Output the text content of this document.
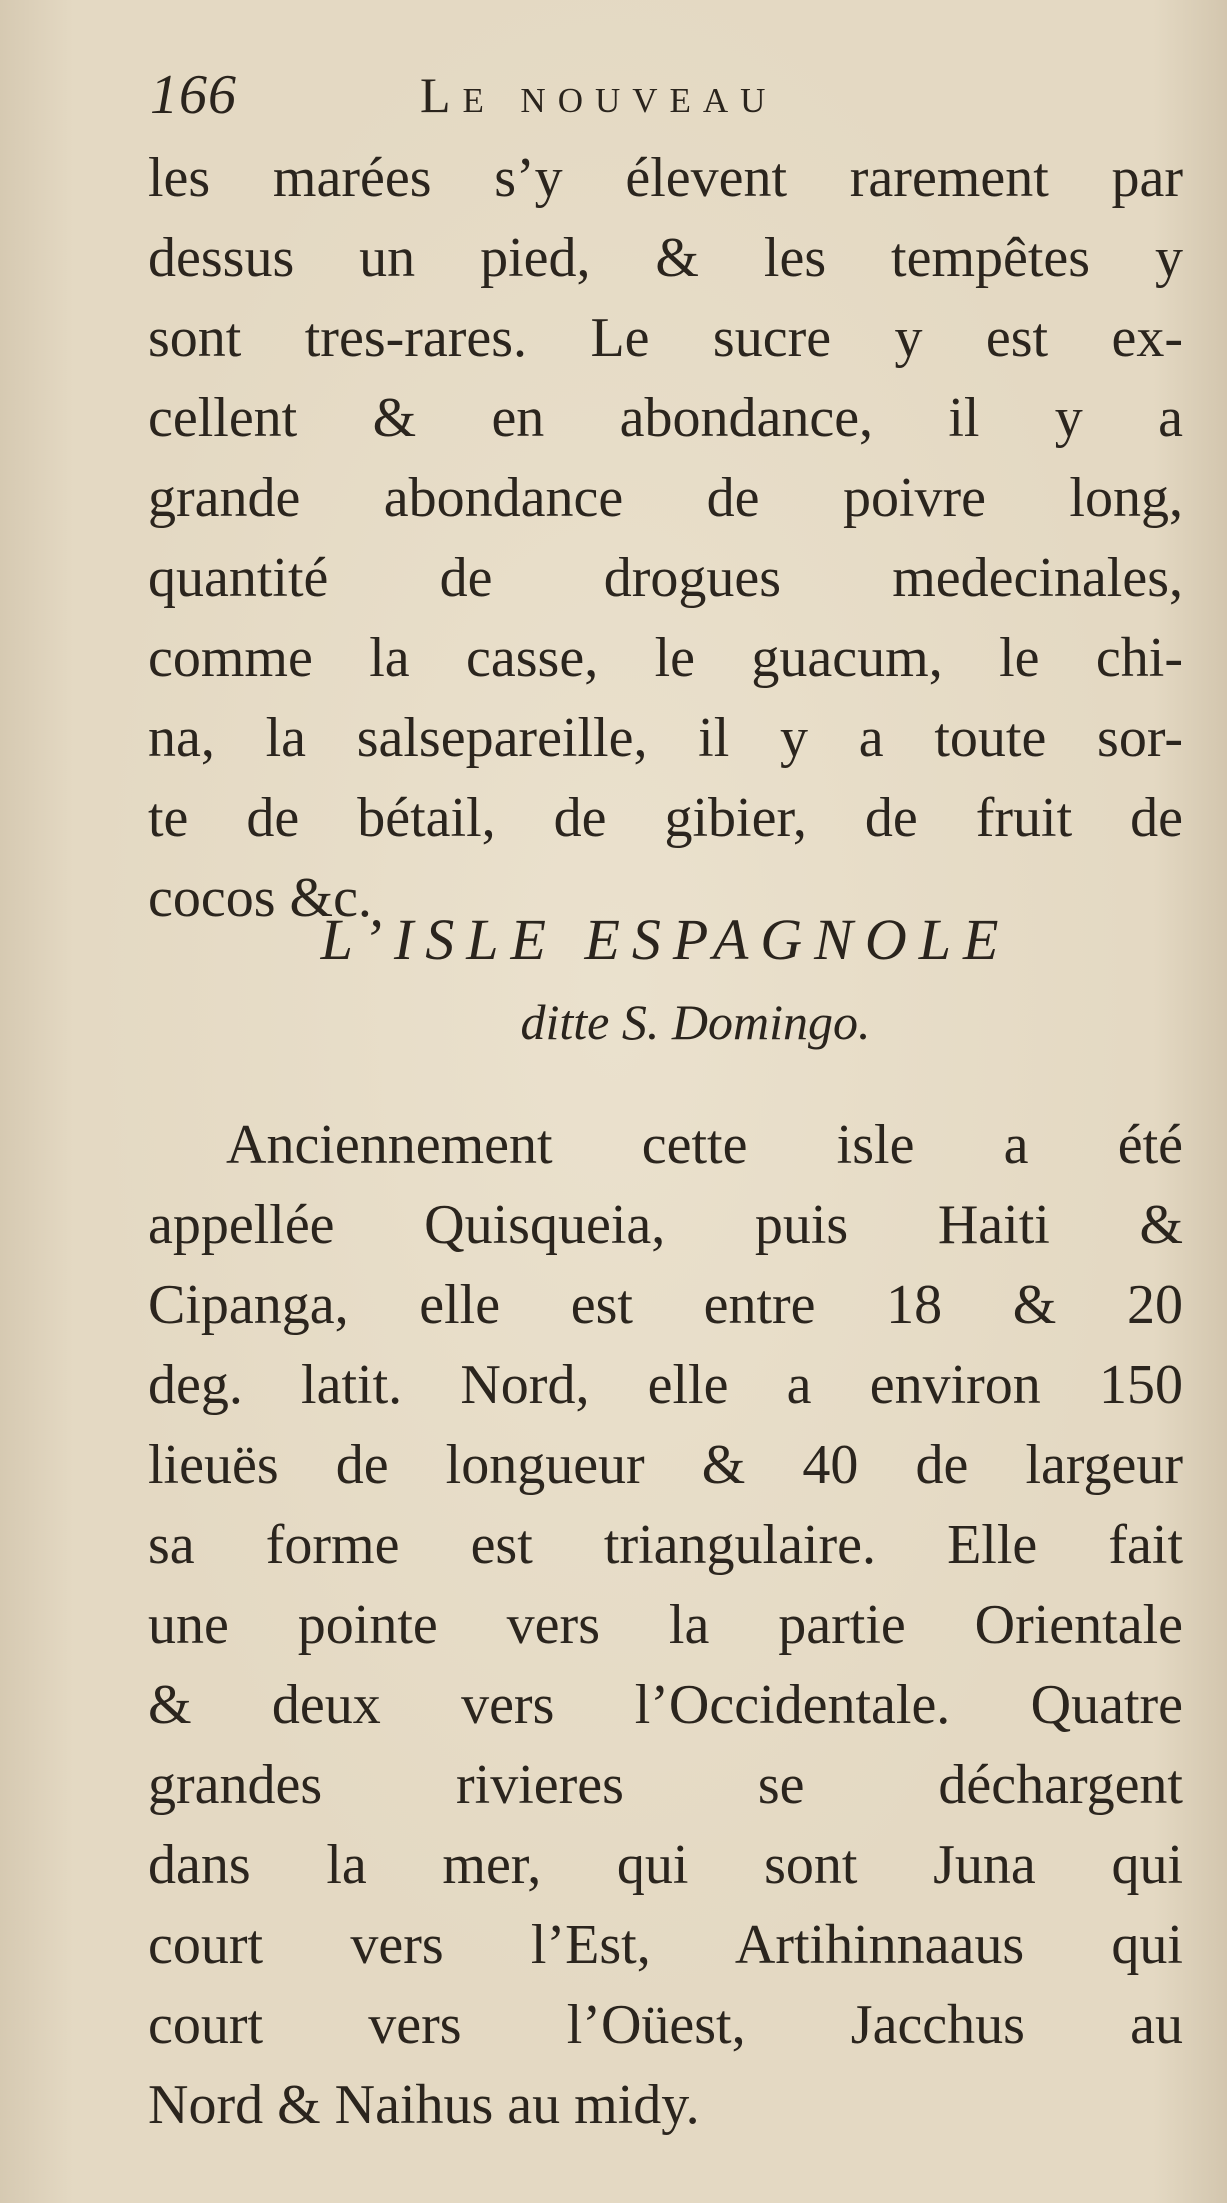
166	Le nouveau
les marées s’y élevent rarement par
dessus un pied, & les tempêtes y
sont tres-rares. Le sucre y est ex-
cellent & en abondance, il y a
grande abondance de poivre long,
quantité de drogues medecinales,
comme la casse, le guacum, le chi-
na, la salsepareille, il y a toute sor-
te de bétail, de gibier, de fruit de
cocos &c.
L’ISLE ESPAGNOLE
ditte S. Domingo.
Anciennement cette isle a été
appellée Quisqueia, puis Haiti &
Cipanga, elle est entre 18 & 20
deg. latit. Nord, elle a environ 150
lieuës de longueur & 40 de largeur
sa forme est triangulaire. Elle fait
une pointe vers la partie Orientale
& deux vers l’Occidentale. Quatre
grandes rivieres se déchargent
dans la mer, qui sont Juna qui
court vers l’Est, Artihinnaaus qui
court vers l’Oüest, Jacchus au
Nord & Naihus au midy.
